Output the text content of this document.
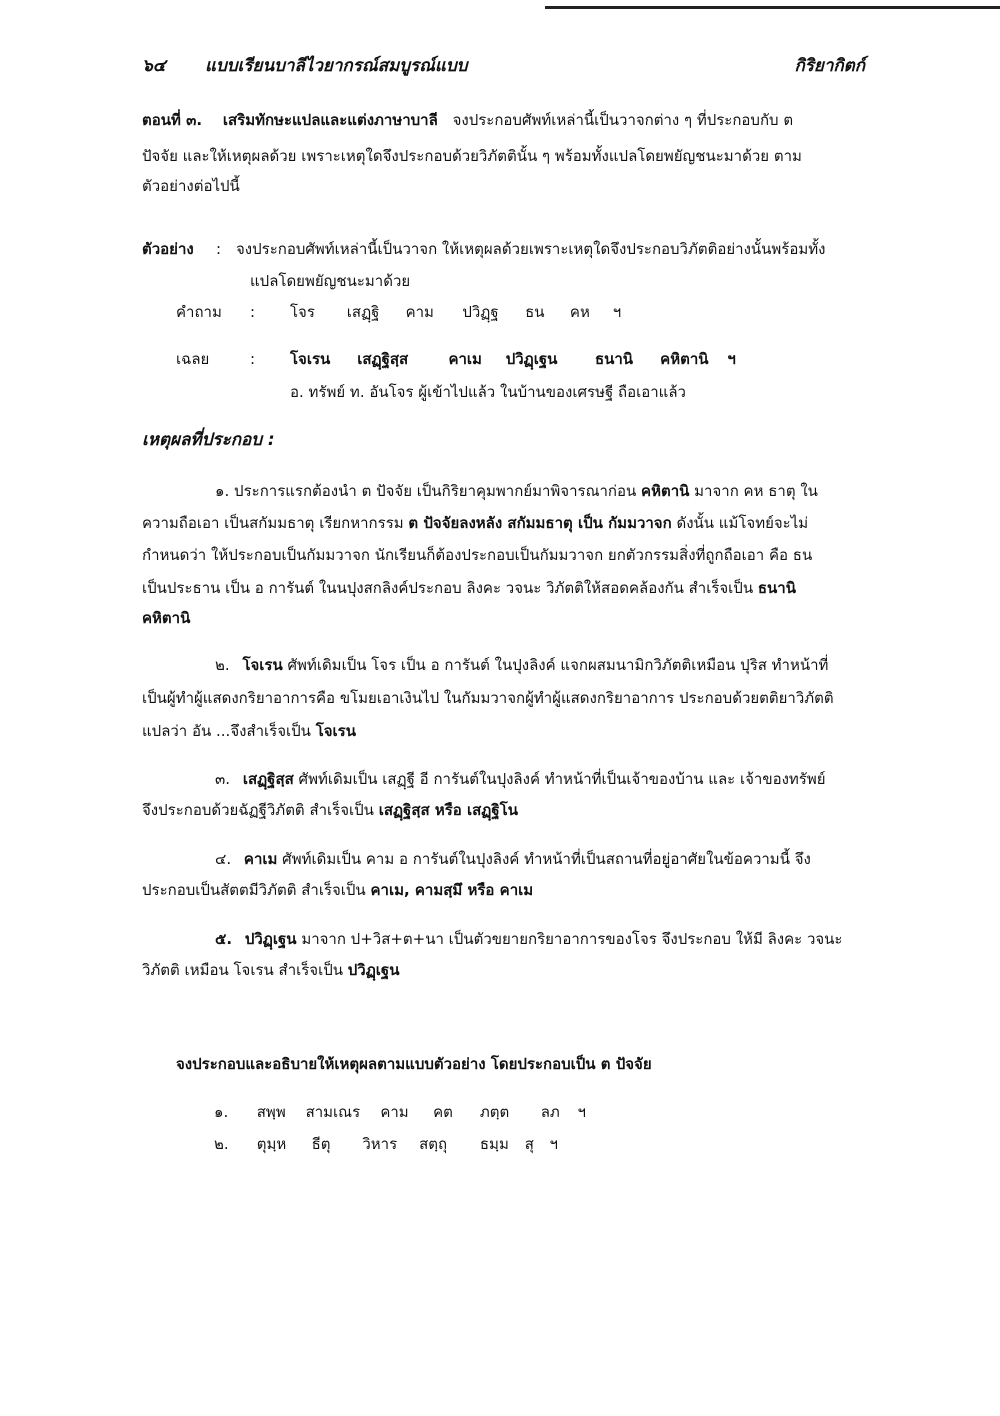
๖๔ แบบเรียนบาลีไวยากรณ์สมบูรณ์แบบ	กิริยากิตก์
ตอนที่ ๓. เสริมทักษะแปลและแต่งภาษาบาลี จงประกอบศัพท์เหล่านี้เป็นวาจกต่าง ๆ ที่ประกอบกับ ต
ปัจจัย และให้เหตุผลด้วย เพราะเหตุใดจึงประกอบด้วยวิภัตตินั้น ๆ พร้อมทั้งแปลโดยพยัญชนะมาด้วย ตาม
ตัวอย่างต่อไปนี้
ตัวอย่าง : จงประกอบศัพท์เหล่านี้เป็นวาจก ให้เหตุผลด้วยเพราะเหตุใดจึงประกอบวิภัตติอย่างนั้นพร้อมทั้ง
แปลโดยพยัญชนะมาด้วย
คำถาม : โจร เสฏฺฐิ คาม ปวิฏฺฐ ธน คห ฯ
เฉลย	: โจเรน เสฏฺฐิสฺส	คาเม ปวิฏฺเฐน	ธนานิ คหิตานิ ฯ
อ. ทรัพย์ ท. อันโจร ผู้เข้าไปแล้ว ในบ้านของเศรษฐี ถือเอาแล้ว
เหตุผลที่ประกอบ :
๑. ประการแรกต้องนำ ต ปัจจัย เป็นกิริยาคุมพากย์มาพิจารณาก่อน คหิตานิ มาจาก คห ธาตุ ใน
ความถือเอา เป็นสกัมมธาตุ เรียกหากรรม ต ปัจจัยลงหลัง สกัมมธาตุ เป็น กัมมวาจก ดังนั้น แม้โจทย์จะไม่
กำหนดว่า ให้ประกอบเป็นกัมมวาจก นักเรียนก็ต้องประกอบเป็นกัมมวาจก ยกตัวกรรมสิ่งที่ถูกถือเอา คือ ธน
เป็นประธาน เป็น อ การันต์ ในนปุงสกลิงค์ประกอบ ลิงคะ วจนะ วิภัตติให้สอดคล้องกัน สำเร็จเป็น ธนานิ
คหิตานิ
๒. โจเรน ศัพท์เดิมเป็น โจร เป็น อ การันต์ ในปุงลิงค์ แจกผสมนามิกวิภัตติเหมือน ปุริส ทำหน้าที่
เป็นผู้ทำผู้แสดงกริยาอาการคือ ขโมยเอาเงินไป ในกัมมวาจกผู้ทำผู้แสดงกริยาอาการ ประกอบด้วยตติยาวิภัตติ
แปลว่า อัน ...จึงสำเร็จเป็น โจเรน
๓. เสฏฺฐิสฺส ศัพท์เดิมเป็น เสฏฺฐี อี การันต์ในปุงลิงค์ ทำหน้าที่เป็นเจ้าของบ้าน และ เจ้าของทรัพย์
จึงประกอบด้วยฉัฏฐีวิภัตติ สำเร็จเป็น เสฏฺฐิสฺส หรือ เสฏฺฐิโน
๔. คาเม ศัพท์เดิมเป็น คาม อ การันต์ในปุงลิงค์ ทำหน้าที่เป็นสถานที่อยู่อาศัยในข้อความนี้ จึง
ประกอบเป็นสัตตมีวิภัตติ สำเร็จเป็น คาเม, คามสฺมึ หรือ คาเม
๕. ปวิฏฺเฐน มาจาก ป+วิส+ต+นา เป็นตัวขยายกริยาอาการของโจร จึงประกอบ ให้มี ลิงคะ วจนะ
วิภัตติ เหมือน โจเรน สำเร็จเป็น ปวิฏฺเฐน
จงประกอบและอธิบายให้เหตุผลตามแบบตัวอย่าง โดยประกอบเป็น ต ปัจจัย
๑. สพฺพ สามเณร คาม คต ภตฺต ลภ ฯ
๒. ตุมฺห ธีตุ วิหาร สตฺถุ ธมฺม สุ ฯ
